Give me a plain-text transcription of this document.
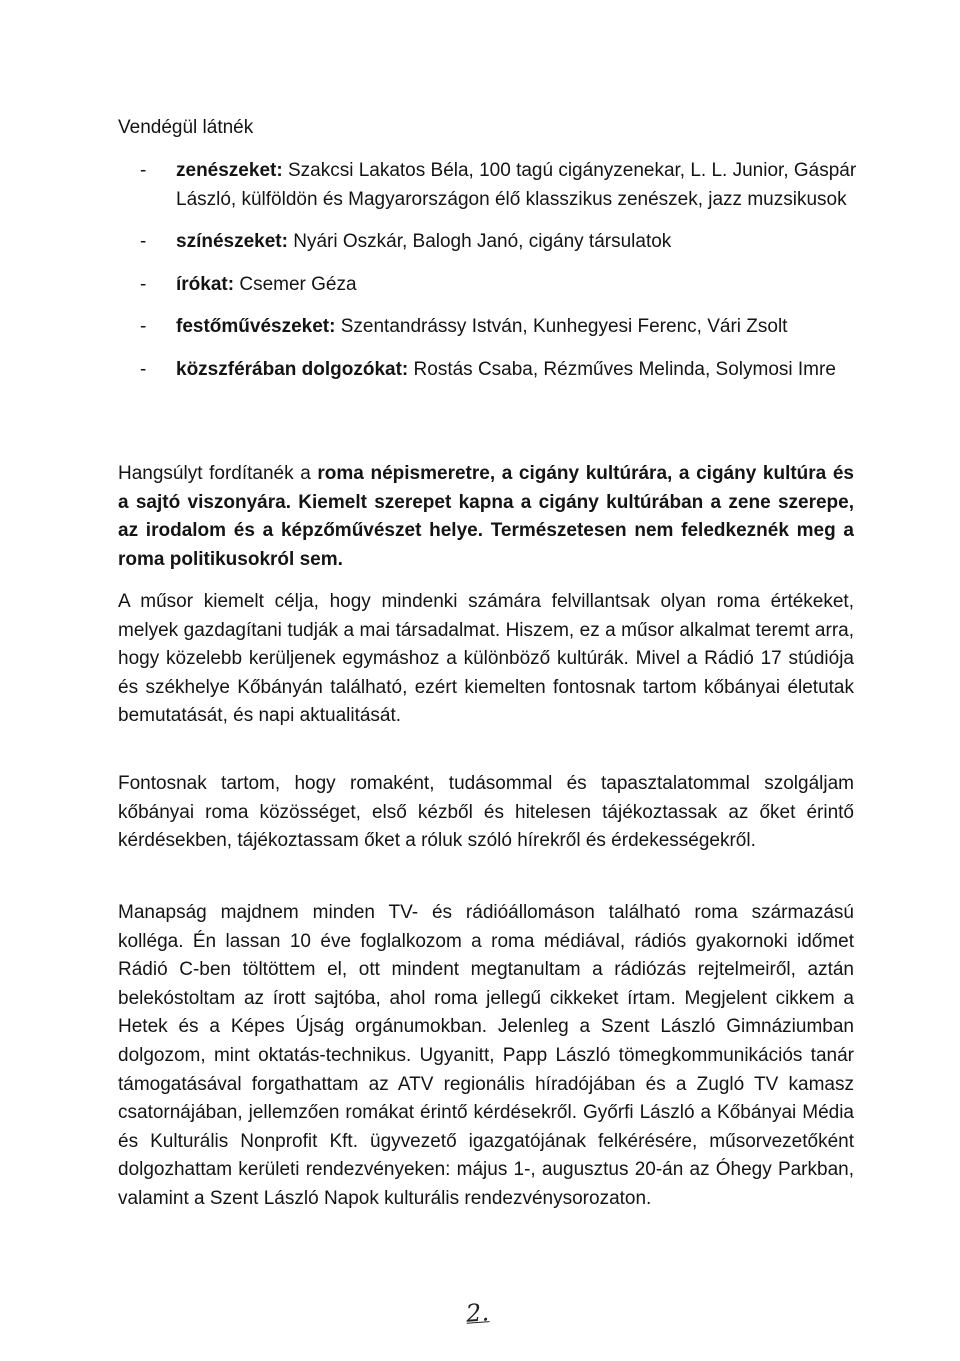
Vendégül látnék

- zenészeket: Szakcsi Lakatos Béla, 100 tagú cigányzenekar, L. L. Junior, Gáspár László, külföldön és Magyarországon élő klasszikus zenészek, jazz muzsikusok
- színészeket: Nyári Oszkár, Balogh Janó, cigány társulatok
- írókat: Csemer Géza
- festőművészeket: Szentandrássy István, Kunhegyesi Ferenc, Vári Zsolt
- közszférában dolgozókat: Rostás Csaba, Rézműves Melinda, Solymosi Imre

Hangsúlyt fordítanék a roma népismeretre, a cigány kultúrára, a cigány kultúra és a sajtó viszonyára. Kiemelt szerepet kapna a cigány kultúrában a zene szerepe, az irodalom és a képzőművészet helye. Természetesen nem feledkeznék meg a roma politikusokról sem.

A műsor kiemelt célja, hogy mindenki számára felvillantsak olyan roma értékeket, melyek gazdagítani tudják a mai társadalmat. Hiszem, ez a műsor alkalmat teremt arra, hogy közelebb kerüljenek egymáshoz a különböző kultúrák. Mivel a Rádió 17 stúdiója és székhelye Kőbányán található, ezért kiemelten fontosnak tartom kőbányai életutak bemutatását, és napi aktualitását.

Fontosnak tartom, hogy romaként, tudásommal és tapasztalatommal szolgáljam kőbányai roma közösséget, első kézből és hitelesen tájékoztassak az őket érintő kérdésekben, tájékoztassam őket a róluk szóló hírekről és érdekességekről.

Manapság majdnem minden TV- és rádióállomáson található roma származású kolléga. Én lassan 10 éve foglalkozom a roma médiával, rádiós gyakornoki időmet Rádió C-ben töltöttem el, ott mindent megtanultam a rádiózás rejtelmeiről, aztán belekóstoltam az írott sajtóba, ahol roma jellegű cikkeket írtam. Megjelent cikkem a Hetek és a Képes Újság orgánumokban. Jelenleg a Szent László Gimnáziumban dolgozom, mint oktatás-technikus. Ugyanitt, Papp László tömegkommunikációs tanár támogatásával forgathattam az ATV regionális híradójában és a Zugló TV kamasz csatornájában, jellemzően romákat érintő kérdésekről. Győrfi László a Kőbányai Média és Kulturális Nonprofit Kft. ügyvezető igazgatójának felkérésére, műsorvezetőként dolgozhattam kerületi rendezvényeken: május 1-, augusztus 20-án az Óhegy Parkban, valamint a Szent László Napok kulturális rendezvénysorozaton.

2.
